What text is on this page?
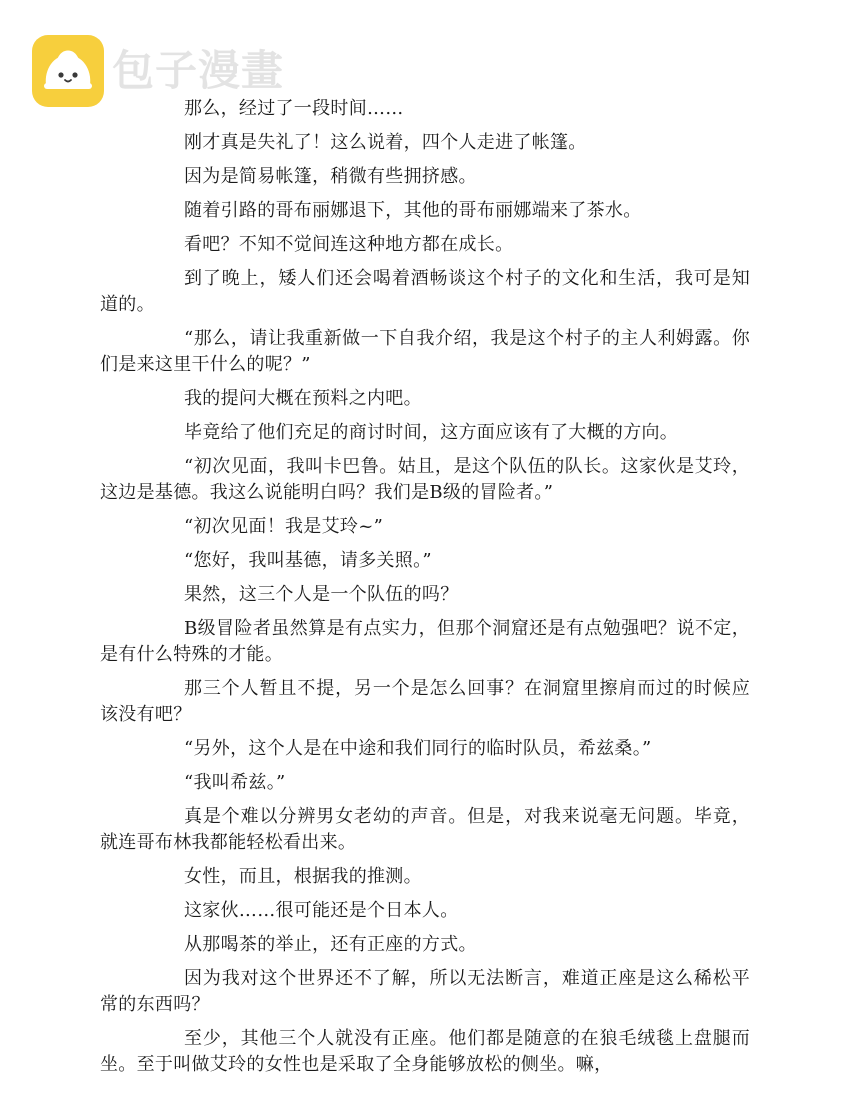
包子漫畫

那么，经过了一段时间……

刚才真是失礼了！这么说着，四个人走进了帐篷。

因为是简易帐篷，稍微有些拥挤感。

随着引路的哥布丽娜退下，其他的哥布丽娜端来了茶水。

看吧？不知不觉间连这种地方都在成长。

到了晚上，矮人们还会喝着酒畅谈这个村子的文化和生活，我可是知道的。

“那么，请让我重新做一下自我介绍，我是这个村子的主人利姆露。你们是来这里干什么的呢？”

我的提问大概在预料之内吧。

毕竟给了他们充足的商讨时间，这方面应该有了大概的方向。

“初次见面，我叫卡巴鲁。姑且，是这个队伍的队长。这家伙是艾玲，这边是基德。我这么说能明白吗？我们是B级的冒险者。”

“初次见面！我是艾玲~”

“您好，我叫基德，请多关照。”

果然，这三个人是一个队伍的吗？

B级冒险者虽然算是有点实力，但那个洞窟还是有点勉强吧？说不定，是有什么特殊的才能。

那三个人暂且不提，另一个是怎么回事？在洞窟里擦肩而过的时候应该没有吧？

“另外，这个人是在中途和我们同行的临时队员，希兹桑。”

“我叫希兹。”

真是个难以分辨男女老幼的声音。但是，对我来说毫无问题。毕竟，就连哥布林我都能轻松看出来。

女性，而且，根据我的推测。

这家伙……很可能还是个日本人。

从那喝茶的举止，还有正座的方式。

因为我对这个世界还不了解，所以无法断言，难道正座是这么稀松平常的东西吗？

至少，其他三个人就没有正座。他们都是随意的在狼毛绒毯上盘腿而坐。至于叫做艾玲的女性也是采取了全身能够放松的侧坐。嘛，
